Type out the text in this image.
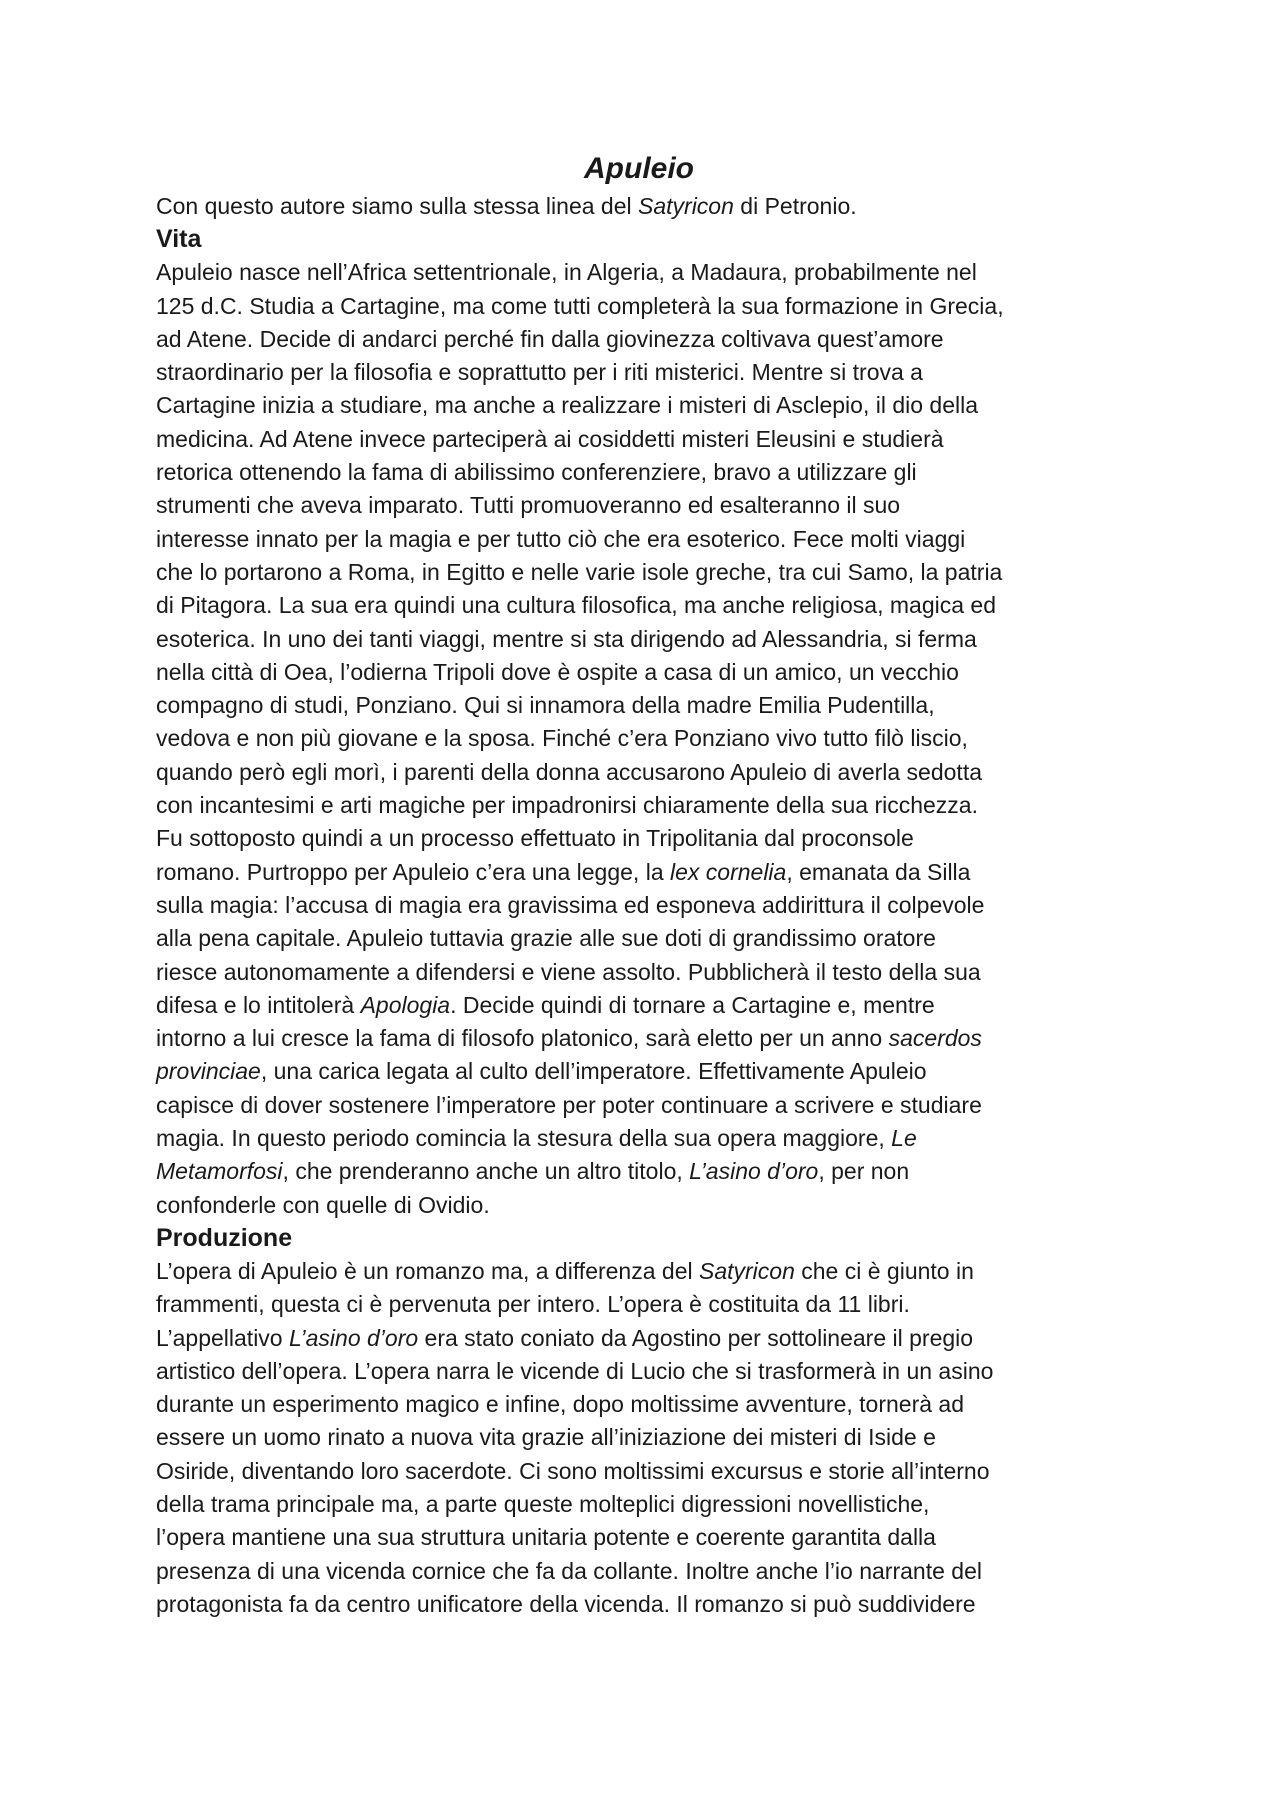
Apuleio

Con questo autore siamo sulla stessa linea del Satyricon di Petronio.

Vita

Apuleio nasce nell’Africa settentrionale, in Algeria, a Madaura, probabilmente nel
125 d.C. Studia a Cartagine, ma come tutti completerà la sua formazione in Grecia,
ad Atene. Decide di andarci perché fin dalla giovinezza coltivava quest’amore
straordinario per la filosofia e soprattutto per i riti misterici. Mentre si trova a
Cartagine inizia a studiare, ma anche a realizzare i misteri di Asclepio, il dio della
medicina. Ad Atene invece parteciperà ai cosiddetti misteri Eleusini e studierà
retorica ottenendo la fama di abilissimo conferenziere, bravo a utilizzare gli
strumenti che aveva imparato. Tutti promuoveranno ed esalteranno il suo
interesse innato per la magia e per tutto ciò che era esoterico. Fece molti viaggi
che lo portarono a Roma, in Egitto e nelle varie isole greche, tra cui Samo, la patria
di Pitagora. La sua era quindi una cultura filosofica, ma anche religiosa, magica ed
esoterica. In uno dei tanti viaggi, mentre si sta dirigendo ad Alessandria, si ferma
nella città di Oea, l’odierna Tripoli dove è ospite a casa di un amico, un vecchio
compagno di studi, Ponziano. Qui si innamora della madre Emilia Pudentilla,
vedova e non più giovane e la sposa. Finché c’era Ponziano vivo tutto filò liscio,
quando però egli morì, i parenti della donna accusarono Apuleio di averla sedotta
con incantesimi e arti magiche per impadronirsi chiaramente della sua ricchezza.
Fu sottoposto quindi a un processo effettuato in Tripolitania dal proconsole
romano. Purtroppo per Apuleio c’era una legge, la lex cornelia, emanata da Silla
sulla magia: l’accusa di magia era gravissima ed esponeva addirittura il colpevole
alla pena capitale. Apuleio tuttavia grazie alle sue doti di grandissimo oratore
riesce autonomamente a difendersi e viene assolto. Pubblicherà il testo della sua
difesa e lo intitolerà Apologia. Decide quindi di tornare a Cartagine e, mentre
intorno a lui cresce la fama di filosofo platonico, sarà eletto per un anno sacerdos
provinciae, una carica legata al culto dell’imperatore. Effettivamente Apuleio
capisce di dover sostenere l’imperatore per poter continuare a scrivere e studiare
magia. In questo periodo comincia la stesura della sua opera maggiore, Le
Metamorfosi, che prenderanno anche un altro titolo, L’asino d’oro, per non
confonderle con quelle di Ovidio.

Produzione

L’opera di Apuleio è un romanzo ma, a differenza del Satyricon che ci è giunto in
frammenti, questa ci è pervenuta per intero. L’opera è costituita da 11 libri.
L’appellativo L’asino d’oro era stato coniato da Agostino per sottolineare il pregio
artistico dell’opera. L’opera narra le vicende di Lucio che si trasformerà in un asino
durante un esperimento magico e infine, dopo moltissime avventure, tornerà ad
essere un uomo rinato a nuova vita grazie all’iniziazione dei misteri di Iside e
Osiride, diventando loro sacerdote. Ci sono moltissimi excursus e storie all’interno
della trama principale ma, a parte queste molteplici digressioni novellistiche,
l’opera mantiene una sua struttura unitaria potente e coerente garantita dalla
presenza di una vicenda cornice che fa da collante. Inoltre anche l’io narrante del
protagonista fa da centro unificatore della vicenda. Il romanzo si può suddividere
